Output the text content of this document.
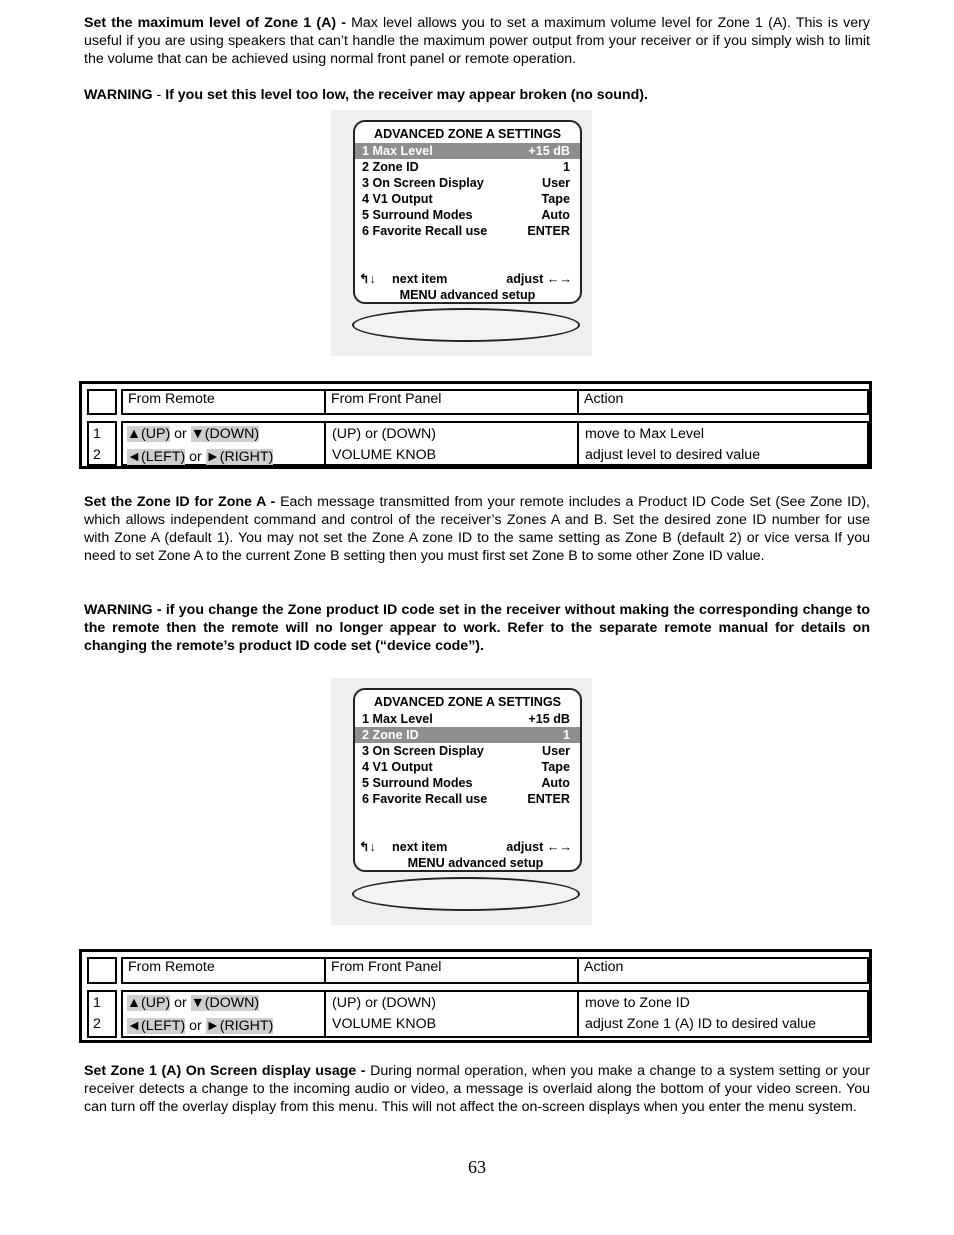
Set the maximum level of Zone 1 (A) - Max level allows you to set a maximum volume level for Zone 1 (A). This is very useful if you are using speakers that can’t handle the maximum power output from your receiver or if you simply wish to limit the volume that can be achieved using normal front panel or remote operation.
WARNING - If you set this level too low, the receiver may appear broken (no sound).
ADVANCED ZONE A SETTINGS
1 Max Level	+15 dB
2 Zone ID	1
3 On Screen Display	User
4 V1 Output	Tape
5 Surround Modes	Auto
6 Favorite Recall use	ENTER
↰↓ next item	adjust ←→
MENU advanced setup
From Remote	From Front Panel	Action
1 ▲(UP) or ▼(DOWN)	(UP) or (DOWN)	move to Max Level
2 ◄(LEFT) or ►(RIGHT)	VOLUME KNOB	adjust level to desired value
Set the Zone ID for Zone A - Each message transmitted from your remote includes a Product ID Code Set (See Zone ID), which allows independent command and control of the receiver’s Zones A and B. Set the desired zone ID number for use with Zone A (default 1). You may not set the Zone A zone ID to the same setting as Zone B (default 2) or vice versa If you need to set Zone A to the current Zone B setting then you must first set Zone B to some other Zone ID value.
WARNING - if you change the Zone product ID code set in the receiver without making the corresponding change to the remote then the remote will no longer appear to work. Refer to the separate remote manual for details on changing the remote’s product ID code set (“device code”).
ADVANCED ZONE A SETTINGS
1 Max Level	+15 dB
2 Zone ID	1
3 On Screen Display	User
4 V1 Output	Tape
5 Surround Modes	Auto
6 Favorite Recall use	ENTER
↰↓ next item	adjust ←→
MENU advanced setup
From Remote	From Front Panel	Action
1 ▲(UP) or ▼(DOWN)	(UP) or (DOWN)	move to Zone ID
2 ◄(LEFT) or ►(RIGHT)	VOLUME KNOB	adjust Zone 1 (A) ID to desired value
Set Zone 1 (A) On Screen display usage - During normal operation, when you make a change to a system setting or your receiver detects a change to the incoming audio or video, a message is overlaid along the bottom of your video screen. You can turn off the overlay display from this menu. This will not affect the on-screen displays when you enter the menu system.
63
